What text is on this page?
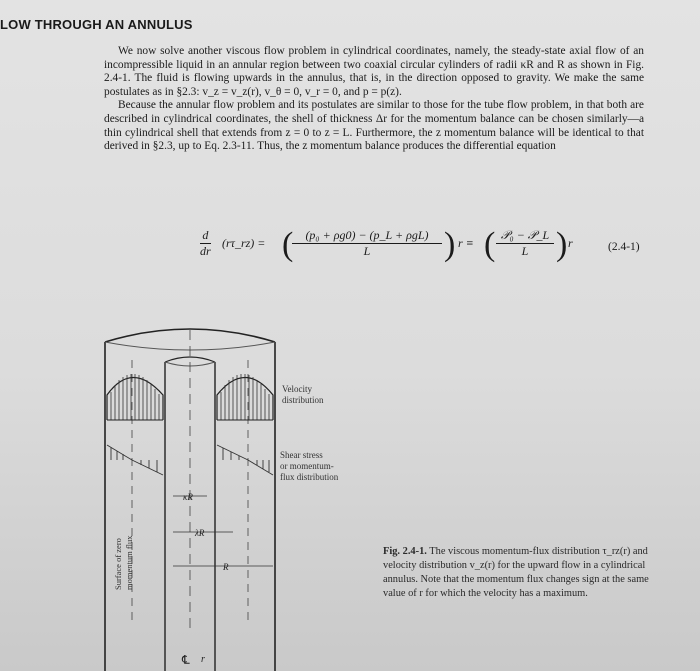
LOW THROUGH AN ANNULUS

We now solve another viscous flow problem in cylindrical coordinates, namely, the steady-state axial flow of an incompressible liquid in an annular region between two coaxial circular cylinders of radii κR and R as shown in Fig. 2.4-1. The fluid is flowing upwards in the annulus, that is, in the direction opposed to gravity. We make the same postulates as in §2.3: v_z = v_z(r), v_θ = 0, v_r = 0, and p = p(z).

Because the annular flow problem and its postulates are similar to those for the tube flow problem, in that both are described in cylindrical coordinates, the shell of thickness Δr for the momentum balance can be chosen similarly—a thin cylindrical shell that extends from z = 0 to z = L. Furthermore, the z momentum balance will be identical to that derived in §2.3, up to Eq. 2.3-11. Thus, the z momentum balance produces the differential equation

$\frac{d}{dr}$ (rτ_rz) = (	(p₀ + ρg0) − (p_L + ρgL)
L	) r ≡ ( 𝒫₀ − 𝒫_L
L ) r	(2.4-1)
℄ r
κR
λR
R
Surface of zero momentum flux
Velocity
distribution
Shear stress
or momentum-
flux distribution
Fig. 2.4-1. The viscous momentum-flux distribution τ_rz(r) and velocity distribution v_z(r) for the upward flow in a cylindrical annulus. Note that the momentum flux changes sign at the same value of r for which the velocity has a maximum.
